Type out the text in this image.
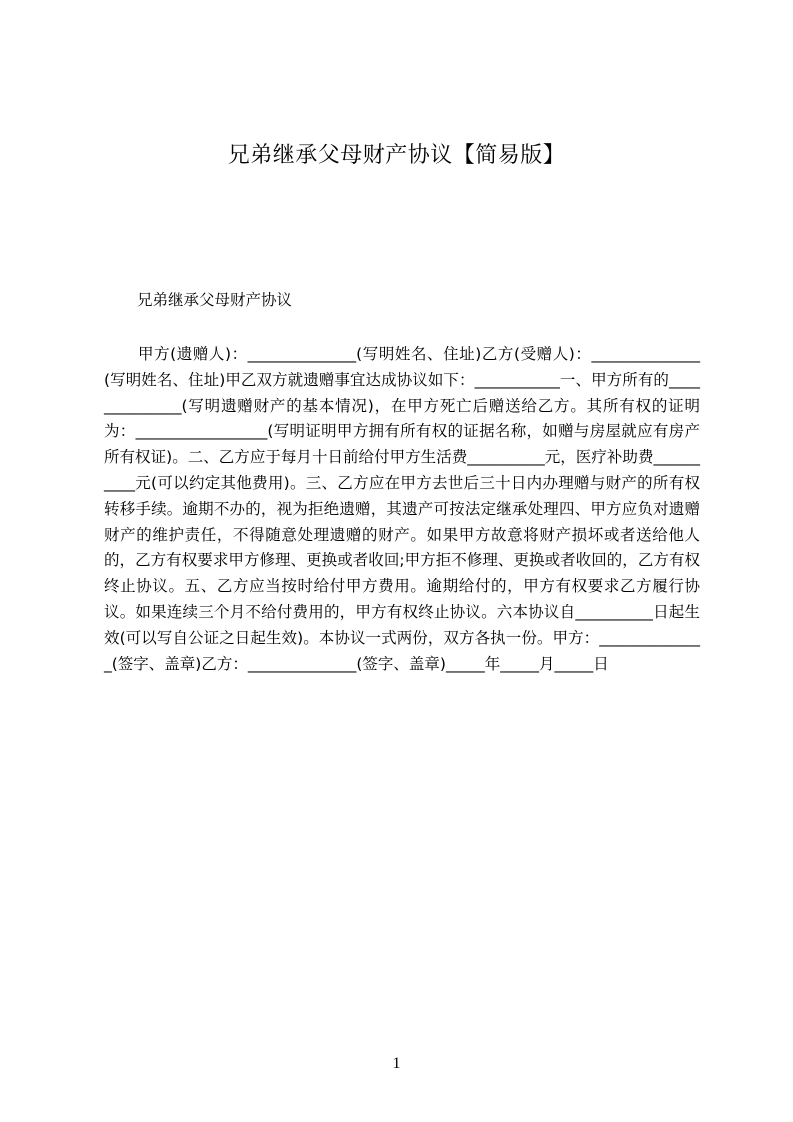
兄弟继承父母财产协议【简易版】

兄弟继承父母财产协议

甲方(遗赠人)：______________(写明姓名、住址)乙方(受赠人)：______________(写明姓名、住址)甲乙双方就遗赠事宜达成协议如下：___________一、甲方所有的______________(写明遗赠财产的基本情况)，在甲方死亡后赠送给乙方。其所有权的证明为：_________________(写明证明甲方拥有所有权的证据名称，如赠与房屋就应有房产所有权证)。二、乙方应于每月十日前给付甲方生活费__________元，医疗补助费__________元(可以约定其他费用)。三、乙方应在甲方去世后三十日内办理赠与财产的所有权转移手续。逾期不办的，视为拒绝遗赠，其遗产可按法定继承处理四、甲方应负对遗赠财产的维护责任，不得随意处理遗赠的财产。如果甲方故意将财产损坏或者送给他人的，乙方有权要求甲方修理、更换或者收回;甲方拒不修理、更换或者收回的，乙方有权终止协议。五、乙方应当按时给付甲方费用。逾期给付的，甲方有权要求乙方履行协议。如果连续三个月不给付费用的，甲方有权终止协议。六本协议自__________日起生效(可以写自公证之日起生效)。本协议一式两份，双方各执一份。甲方：______________(签字、盖章)乙方：______________(签字、盖章)_____年_____月_____日

1
